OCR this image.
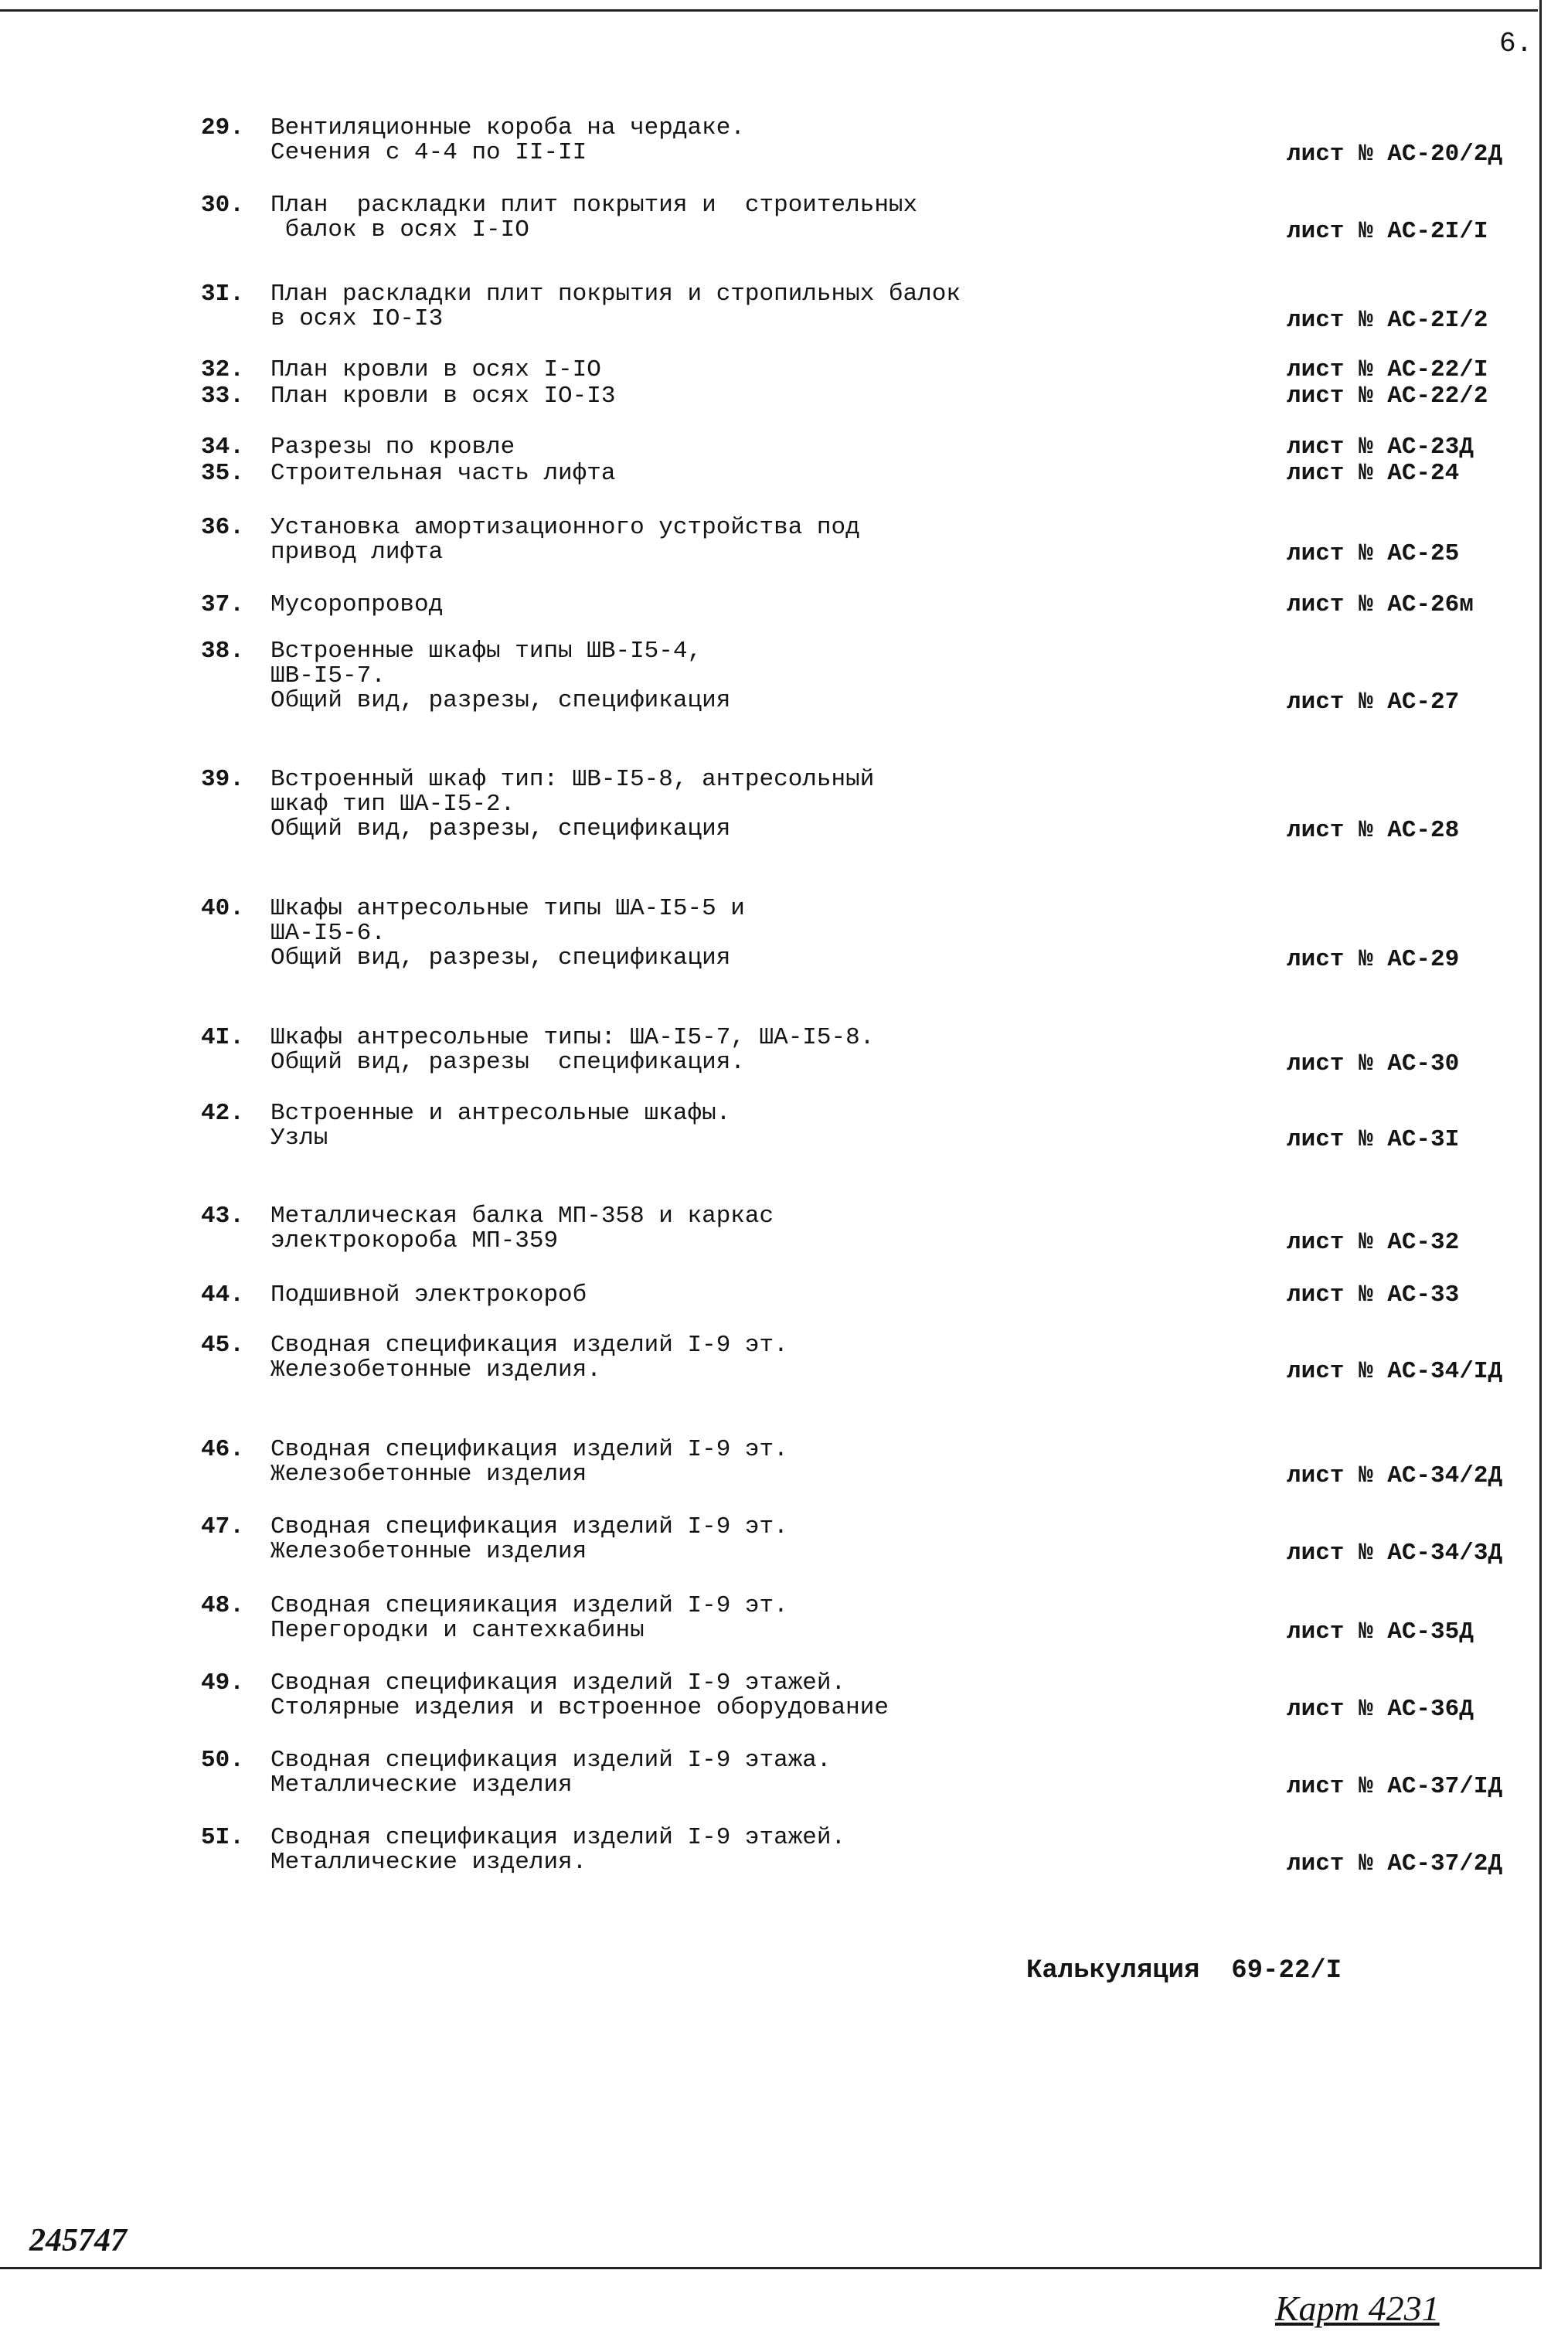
6.
29.	Вентиляционные короба на чердаке.
Сечения с 4-4 по II-II	лист № АС-20/2Д
30.	План  раскладки плит покрытия и  строительных
балок в осях I-IO	лист № АС-2I/I
3I.	План раскладки плит покрытия и стропильных балок
в осях IO-I3	лист № АС-2I/2
32.	План кровли в осях I-IO	лист № АС-22/I
33.	План кровли в осях IO-I3	лист № АС-22/2
34.	Разрезы по кровле	лист № АС-23Д
35.	Строительная часть лифта	лист № АС-24
36.	Установка амортизационного устройства под
привод лифта	лист № АС-25
37.	Мусоропровод	лист № АС-26м
38.	Встроенные шкафы типы ШВ-I5-4,
ШВ-I5-7.
Общий вид, разрезы, спецификация	лист № АС-27
39.	Встроенный шкаф тип: ШВ-I5-8, антресольный
шкаф тип ША-I5-2.
Общий вид, разрезы, спецификация	лист № АС-28
40.	Шкафы антресольные типы ША-I5-5 и
ША-I5-6.
Общий вид, разрезы, спецификация	лист № АС-29
4I.	Шкафы антресольные типы: ША-I5-7, ША-I5-8.
Общий вид, разрезы  спецификация.	лист № АС-30
42.	Встроенные и антресольные шкафы.
Узлы	лист № АС-3I
43.	Металлическая балка МП-358 и каркас
электрокороба МП-359	лист № АС-32
44.	Подшивной электрокороб	лист № АС-33
45.	Сводная спецификация изделий I-9 эт.
Железобетонные изделия.	лист № АС-34/IД
46.	Сводная спецификация изделий I-9 эт.
Железобетонные изделия	лист № АС-34/2Д
47.	Сводная спецификация изделий I-9 эт.
Железобетонные изделия	лист № АС-34/3Д
48.	Сводная специяикация изделий I-9 эт.
Перегородки и сантехкабины	лист № АС-35Д
49.	Сводная спецификация изделий I-9 этажей.
Столярные изделия и встроенное оборудование	лист № АС-36Д
50.	Сводная спецификация изделий I-9 этажа.
Металлические изделия	лист № АС-37/IД
5I.	Сводная спецификация изделий I-9 этажей.
Металлические изделия.	лист № АС-37/2Д
Калькуляция 69-22/I
245747
Карт 4231
